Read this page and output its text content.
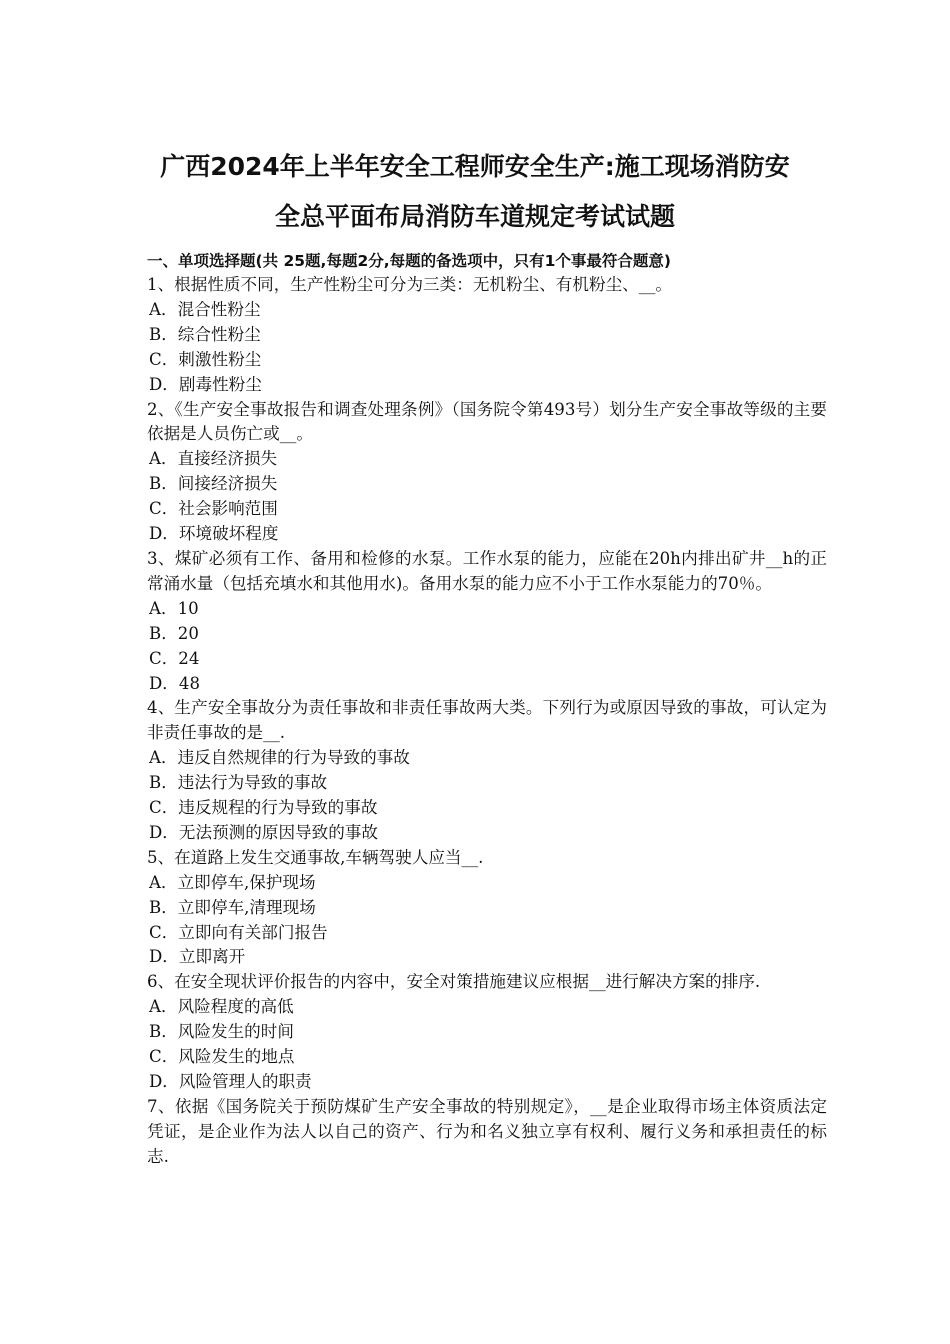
广西2024年上半年安全工程师安全生产:施工现场消防安
全总平面布局消防车道规定考试试题
一、单项选择题(共 25题,每题2分,每题的备选项中，只有1个事最符合题意)

1、根据性质不同，生产性粉尘可分为三类：无机粉尘、有机粉尘、__。

A．混合性粉尘

B．综合性粉尘

C．刺激性粉尘

D．剧毒性粉尘

2、《生产安全事故报告和调查处理条例》（国务院令第493号）划分生产安全事故等级的主要依据是人员伤亡或__。

A．直接经济损失

B．间接经济损失

C．社会影响范围

D．环境破坏程度

3、煤矿必须有工作、备用和检修的水泵。工作水泵的能力，应能在20h内排出矿井__h的正常涌水量（包括充填水和其他用水)。备用水泵的能力应不小于工作水泵能力的70％。

A．10

B．20

C．24

D．48

4、生产安全事故分为责任事故和非责任事故两大类。下列行为或原因导致的事故，可认定为非责任事故的是__.

A．违反自然规律的行为导致的事故

B．违法行为导致的事故

C．违反规程的行为导致的事故

D．无法预测的原因导致的事故

5、在道路上发生交通事故,车辆驾驶人应当__.

A．立即停车,保护现场

B．立即停车,清理现场

C．立即向有关部门报告

D．立即离开

6、在安全现状评价报告的内容中，安全对策措施建议应根据__进行解决方案的排序.

A．风险程度的高低

B．风险发生的时间

C．风险发生的地点

D．风险管理人的职责

7、依据《国务院关于预防煤矿生产安全事故的特别规定》，__是企业取得市场主体资质法定凭证，是企业作为法人以自己的资产、行为和名义独立享有权利、履行义务和承担责任的标志.
